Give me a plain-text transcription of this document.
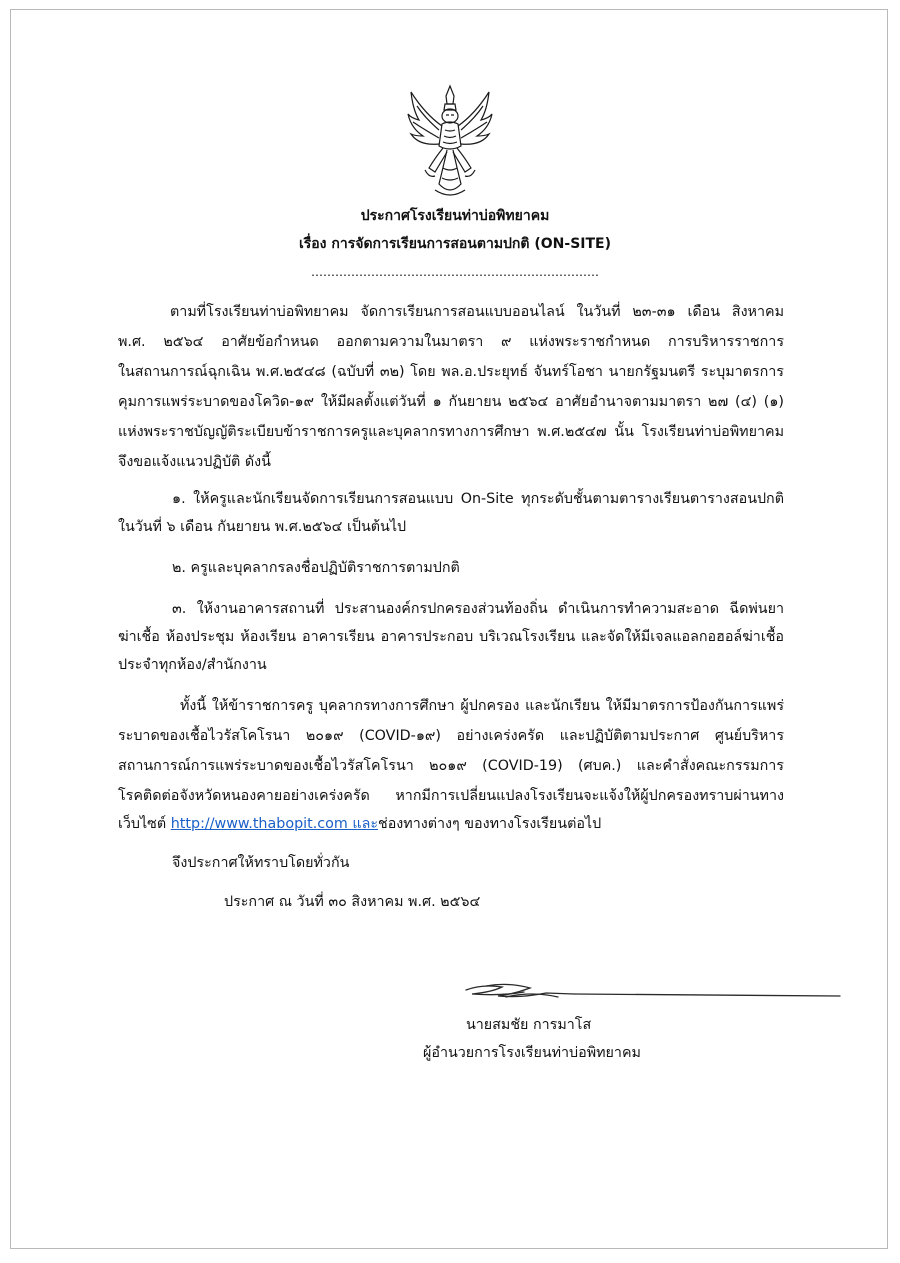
ประกาศโรงเรียนท่าบ่อพิทยาคม
เรื่อง การจัดการเรียนการสอนตามปกติ (ON-SITE)
………………………………………………………………
ตามที่โรงเรียนท่าบ่อพิทยาคม จัดการเรียนการสอนแบบออนไลน์ ในวันที่ ๒๓-๓๑ เดือน สิงหาคม
พ.ศ. ๒๕๖๔ อาศัยข้อกำหนด ออกตามความในมาตรา ๙ แห่งพระราชกำหนด การบริหารราชการ
ในสถานการณ์ฉุกเฉิน พ.ศ.๒๕๔๘ (ฉบับที่ ๓๒) โดย พล.อ.ประยุทธ์ จันทร์โอชา นายกรัฐมนตรี ระบุมาตรการ
คุมการแพร่ระบาดของโควิด-๑๙ ให้มีผลตั้งแต่วันที่ ๑ กันยายน ๒๕๖๔ อาศัยอำนาจตามมาตรา ๒๗ (๔) (๑)
แห่งพระราชบัญญัติระเบียบข้าราชการครูและบุคลากรทางการศึกษา พ.ศ.๒๕๔๗ นั้น โรงเรียนท่าบ่อพิทยาคม
จึงขอแจ้งแนวปฏิบัติ ดังนี้
๑. ให้ครูและนักเรียนจัดการเรียนการสอนแบบ On-Site ทุกระดับชั้นตามตารางเรียนตารางสอนปกติ
ในวันที่ ๖ เดือน กันยายน พ.ศ.๒๕๖๔ เป็นต้นไป
๒. ครูและบุคลากรลงชื่อปฏิบัติราชการตามปกติ
๓. ให้งานอาคารสถานที่ ประสานองค์กรปกครองส่วนท้องถิ่น ดำเนินการทำความสะอาด ฉีดพ่นยา
ฆ่าเชื้อ ห้องประชุม ห้องเรียน อาคารเรียน อาคารประกอบ บริเวณโรงเรียน และจัดให้มีเจลแอลกอฮอล์ฆ่าเชื้อ
ประจำทุกห้อง/สำนักงาน
ทั้งนี้ ให้ข้าราชการครู บุคลากรทางการศึกษา ผู้ปกครอง และนักเรียน ให้มีมาตรการป้องกันการแพร่
ระบาดของเชื้อไวรัสโคโรนา ๒๐๑๙ (COVID-๑๙) อย่างเคร่งครัด และปฏิบัติตามประกาศ ศูนย์บริหาร
สถานการณ์การแพร่ระบาดของเชื้อไวรัสโคโรนา ๒๐๑๙ (COVID-19) (ศบค.) และคำสั่งคณะกรรมการ
โรคติดต่อจังหวัดหนองคายอย่างเคร่งครัด หากมีการเปลี่ยนแปลงโรงเรียนจะแจ้งให้ผู้ปกครองทราบผ่านทาง
เว็บไซต์ http://www.thabopit.com และช่องทางต่างๆ ของทางโรงเรียนต่อไป
จึงประกาศให้ทราบโดยทั่วกัน
ประกาศ ณ วันที่ ๓๐ สิงหาคม พ.ศ. ๒๕๖๔
นายสมชัย การมาโส
ผู้อำนวยการโรงเรียนท่าบ่อพิทยาคม
